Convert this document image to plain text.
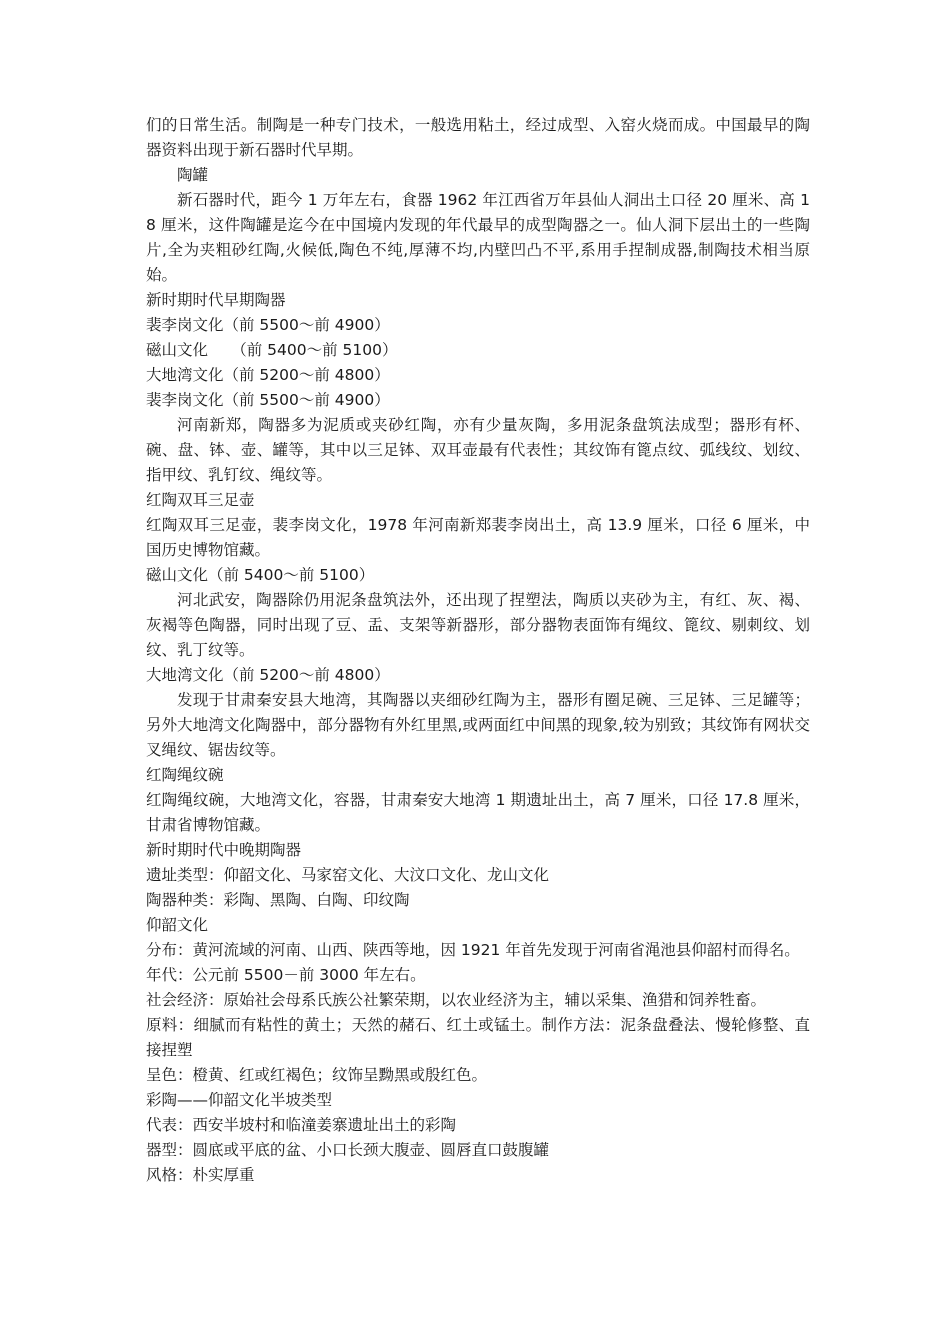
们的日常生活。制陶是一种专门技术，一般选用粘土，经过成型、入窑火烧而成。中国最早的陶器资料出现于新石器时代早期。

陶罐

新石器时代，距今 1 万年左右，食器 1962 年江西省万年县仙人洞出土口径 20 厘米、高 18 厘米，这件陶罐是迄今在中国境内发现的年代最早的成型陶器之一。仙人洞下层出土的一些陶片,全为夹粗砂红陶,火候低,陶色不纯,厚薄不均,内壁凹凸不平,系用手捏制成器,制陶技术相当原始。

新时期时代早期陶器

裴李岗文化（前 5500～前 4900）

磁山文化　　（前 5400～前 5100）

大地湾文化（前 5200～前 4800）

裴李岗文化（前 5500～前 4900）

河南新郑，陶器多为泥质或夹砂红陶，亦有少量灰陶，多用泥条盘筑法成型；器形有杯、碗、盘、钵、壶、罐等，其中以三足钵、双耳壶最有代表性；其纹饰有篦点纹、弧线纹、划纹、指甲纹、乳钉纹、绳纹等。

红陶双耳三足壶

红陶双耳三足壶，裴李岗文化，1978 年河南新郑裴李岗出土，高 13.9 厘米，口径 6 厘米，中国历史博物馆藏。

磁山文化（前 5400～前 5100）

河北武安，陶器除仍用泥条盘筑法外，还出现了捏塑法，陶质以夹砂为主，有红、灰、褐、灰褐等色陶器，同时出现了豆、盂、支架等新器形，部分器物表面饰有绳纹、篦纹、剔刺纹、划纹、乳丁纹等。

大地湾文化（前 5200～前 4800）

发现于甘肃秦安县大地湾，其陶器以夹细砂红陶为主，器形有圈足碗、三足钵、三足罐等；另外大地湾文化陶器中，部分器物有外红里黑,或两面红中间黑的现象,较为别致；其纹饰有网状交叉绳纹、锯齿纹等。

红陶绳纹碗

红陶绳纹碗，大地湾文化，容器，甘肃秦安大地湾 1 期遗址出土，高 7 厘米，口径 17.8 厘米，甘肃省博物馆藏。

新时期时代中晚期陶器

遗址类型：仰韶文化、马家窑文化、大汶口文化、龙山文化

陶器种类：彩陶、黑陶、白陶、印纹陶

仰韶文化

分布：黄河流域的河南、山西、陕西等地，因 1921 年首先发现于河南省渑池县仰韶村而得名。

年代：公元前 5500－前 3000 年左右。

社会经济：原始社会母系氏族公社繁荣期，以农业经济为主，辅以采集、渔猎和饲养牲畜。

原料：细腻而有粘性的黄土；天然的赭石、红土或锰土。制作方法：泥条盘叠法、慢轮修整、直接捏塑

呈色：橙黄、红或红褐色；纹饰呈黝黑或殷红色。

彩陶——仰韶文化半坡类型

代表：西安半坡村和临潼姜寨遗址出土的彩陶

器型：圆底或平底的盆、小口长颈大腹壶、圆唇直口鼓腹罐

风格：朴实厚重
